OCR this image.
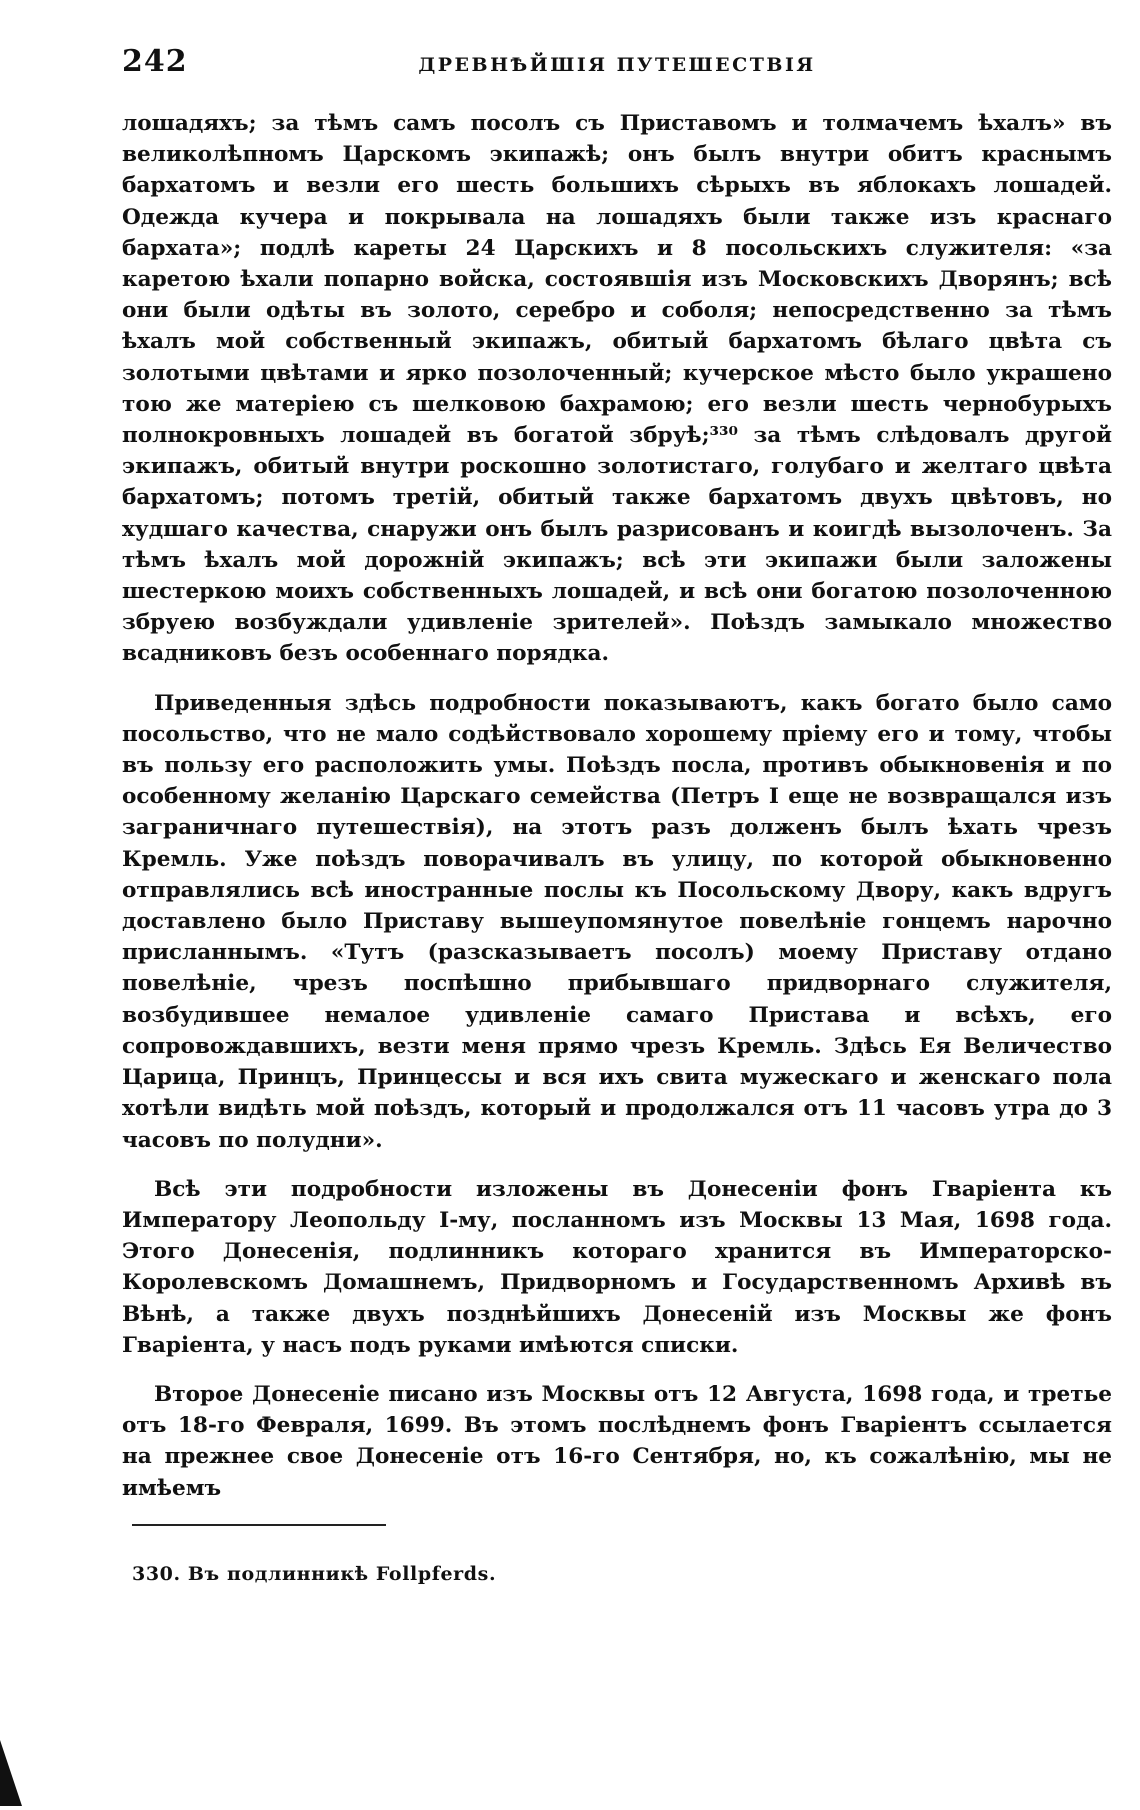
242	ДРЕВНѢЙШІЯ ПУТЕШЕСТВІЯ

лошадяхъ; за тѣмъ самъ посолъ съ Приставомъ и толмачемъ ѣхалъ» въ великолѣпномъ Царскомъ экипажѣ; онъ былъ внутри обитъ краснымъ бархатомъ и везли его шесть большихъ сѣрыхъ въ яблокахъ лошадей. Одежда кучера и покрывала на лошадяхъ были также изъ краснаго бархата»; подлѣ кареты 24 Царскихъ и 8 посольскихъ служителя: «за каретою ѣхали попарно войска, состоявшія изъ Московскихъ Дворянъ; всѣ они были одѣты въ золото, серебро и соболя; непосредственно за тѣмъ ѣхалъ мой собственный экипажъ, обитый бархатомъ бѣлаго цвѣта съ золотыми цвѣтами и ярко позолоченный; кучерское мѣсто было украшено тою же матеріею съ шелковою бахрамою; его везли шесть чернобурыхъ полнокровныхъ лошадей въ богатой збруѣ;³³⁰ за тѣмъ слѣдовалъ другой экипажъ, обитый внутри роскошно золотистаго, голубаго и желтаго цвѣта бархатомъ; потомъ третій, обитый также бархатомъ двухъ цвѣтовъ, но худшаго качества, снаружи онъ былъ разрисованъ и коигдѣ вызолоченъ. За тѣмъ ѣхалъ мой дорожній экипажъ; всѣ эти экипажи были заложены шестеркою моихъ собственныхъ лошадей, и всѣ они богатою позолоченною збруею возбуждали удивленіе зрителей». Поѣздъ замыкало множество всадниковъ безъ особеннаго порядка.

Приведенныя здѣсь подробности показываютъ, какъ богато было само посольство, что не мало содѣйствовало хорошему пріему его и тому, чтобы въ пользу его расположить умы. Поѣздъ посла, противъ обыкновенія и по особенному желанію Царскаго семейства (Петръ I еще не возвращался изъ заграничнаго путешествія), на этотъ разъ долженъ былъ ѣхать чрезъ Кремль. Уже поѣздъ поворачивалъ въ улицу, по которой обыкновенно отправлялись всѣ иностранные послы къ Посольскому Двору, какъ вдругъ доставлено было Приставу вышеупомянутое повелѣніе гонцемъ нарочно присланнымъ. «Тутъ (разсказываетъ посолъ) моему Приставу отдано повелѣніе, чрезъ поспѣшно прибывшаго придворнаго служителя, возбудившее немалое удивленіе самаго Пристава и всѣхъ, его сопровождавшихъ, везти меня прямо чрезъ Кремль. Здѣсь Ея Величество Царица, Принцъ, Принцессы и вся ихъ свита мужескаго и женскаго пола хотѣли видѣть мой поѣздъ, который и продолжался отъ 11 часовъ утра до 3 часовъ по полудни».

Всѣ эти подробности изложены въ Донесеніи фонъ Гваріента къ Императору Леопольду I-му, посланномъ изъ Москвы 13 Мая, 1698 года. Этого Донесенія, подлинникъ котораго хранится въ Императорско-Королевскомъ Домашнемъ, Придворномъ и Государственномъ Архивѣ въ Вѣнѣ, а также двухъ позднѣйшихъ Донесеній изъ Москвы же фонъ Гваріента, у насъ подъ руками имѣются списки.

Второе Донесеніе писано изъ Москвы отъ 12 Августа, 1698 года, и третье отъ 18-го Февраля, 1699. Въ этомъ послѣднемъ фонъ Гваріентъ ссылается на прежнее свое Донесеніе отъ 16-го Сентября, но, къ сожалѣнію, мы не имѣемъ

330. Въ подлинникѣ Follpferds.
